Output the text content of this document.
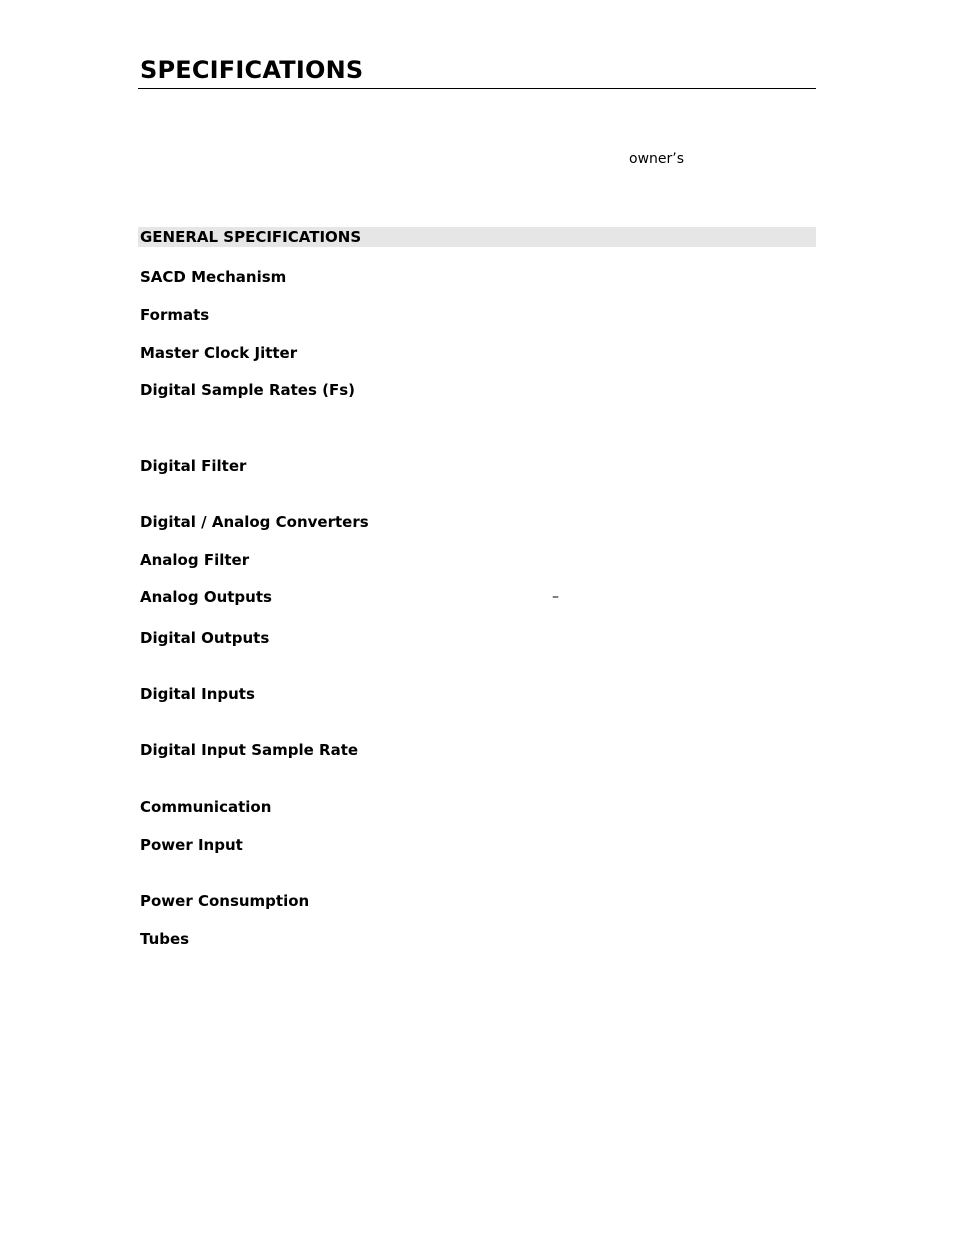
SPECIFICATIONS
owner’s
GENERAL SPECIFICATIONS
SACD Mechanism
Formats
Master Clock Jitter
Digital Sample Rates (Fs)
Digital Filter
Digital / Analog Converters
Analog Filter
Analog Outputs	–
Digital Outputs
Digital Inputs
Digital Input Sample Rate
Communication
Power Input
Power Consumption
Tubes
